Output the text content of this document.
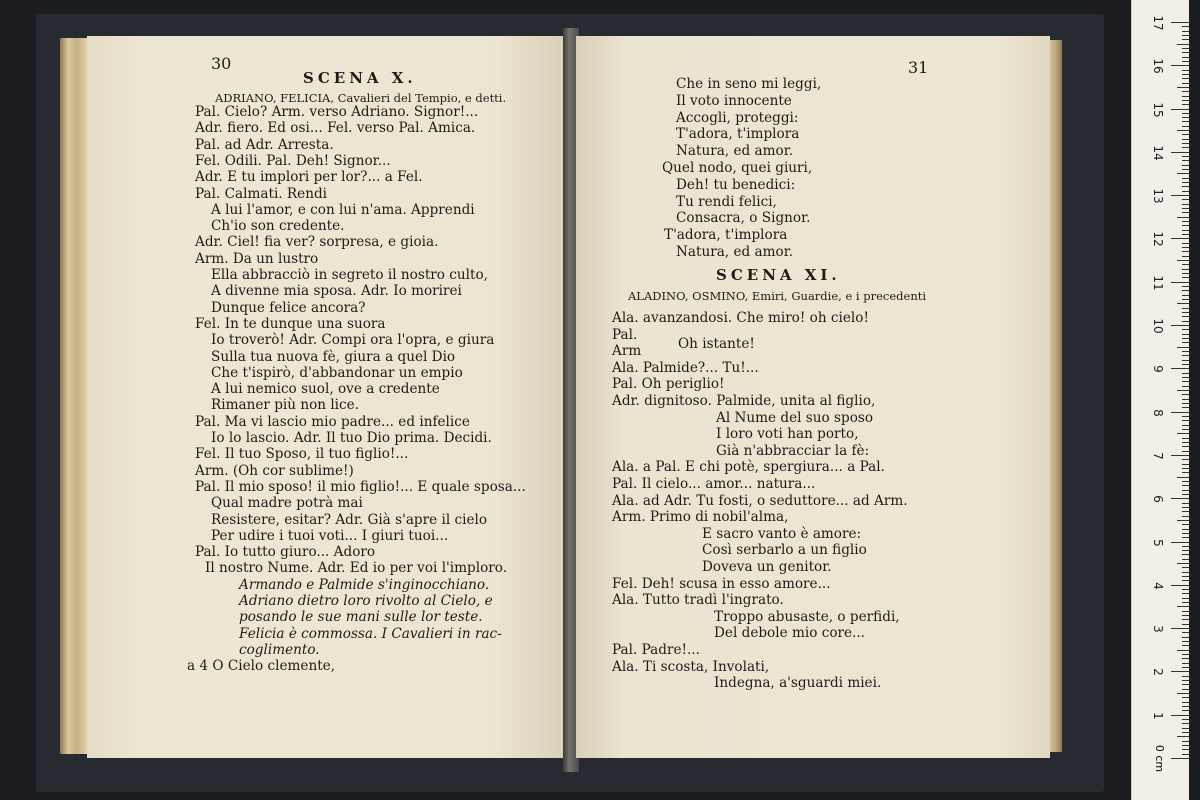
30
SCENA X.
ADRIANO, FELICIA, Cavalieri del Tempio, e detti.
Pal. Cielo? Arm. verso Adriano. Signor!...
Adr. fiero. Ed osi... Fel. verso Pal. Amica.
Pal. ad Adr. Arresta.
Fel. Odili. Pal. Deh! Signor...
Adr. E tu implori per lor?... a Fel.
Pal. Calmati. Rendi
A lui l'amor, e con lui n'ama. Apprendi
Ch'io son credente.
Adr. Ciel! fia ver? sorpresa, e gioia.
Arm. Da un lustro
Ella abbracciò in segreto il nostro culto,
A divenne mia sposa. Adr. Io morirei
Dunque felice ancora?
Fel. In te dunque una suora
Io troverò! Adr. Compi ora l'opra, e giura
Sulla tua nuova fè, giura a quel Dio
Che t'ispirò, d'abbandonar un empio
A lui nemico suol, ove a credente
Rimaner più non lice.
Pal. Ma vi lascio mio padre... ed infelice
Io lo lascio. Adr. Il tuo Dio prima. Decidi.
Fel. Il tuo Sposo, il tuo figlio!...
Arm. (Oh cor sublime!)
Pal. Il mio sposo! il mio figlio!... E quale sposa...
Qual madre potrà mai
Resistere, esitar? Adr. Già s'apre il cielo
Per udire i tuoi voti... I giuri tuoi...
Pal. Io tutto giuro... Adoro
Il nostro Nume. Adr. Ed io per voi l'imploro.
Armando e Palmide s'inginocchiano.
Adriano dietro loro rivolto al Cielo, e
posando le sue mani sulle lor teste.
Felicia è commossa. I Cavalieri in rac-
coglimento.
a 4 O Cielo clemente,
31
Che in seno mi leggi,
Il voto innocente
Accogli, proteggi:
T'adora, t'implora
Natura, ed amor.
Quel nodo, quei giuri,
Deh! tu benedici:
Tu rendi felici,
Consacra, o Signor.
T'adora, t'implora
Natura, ed amor.
SCENA XI.
ALADINO, OSMINO, Emiri, Guardie, e i precedenti
Ala. avanzandosi. Che miro! oh cielo!
Pal.
Arm
Ala. Palmide?... Tu!...
Pal. Oh periglio!
Adr. dignitoso. Palmide, unita al figlio,
Al Nume del suo sposo
I loro voti han porto,
Già n'abbracciar la fè:
Ala. a Pal. E chi potè, spergiura... a Pal.
Pal. Il cielo... amor... natura...
Ala. ad Adr. Tu fosti, o seduttore... ad Arm.
Arm. Primo di nobil'alma,
E sacro vanto è amore:
Così serbarlo a un figlio
Doveva un genitor.
Fel. Deh! scusa in esso amore...
Ala. Tutto tradì l'ingrato.
Troppo abusaste, o perfidi,
Del debole mio core...
Pal. Padre!...
Ala. Ti scosta, Involati,
Indegna, a'sguardi miei.
Oh istante!
0 cm
17
16
15
14
13
12
11
10
9
8
7
6
5
4
3
2
1
